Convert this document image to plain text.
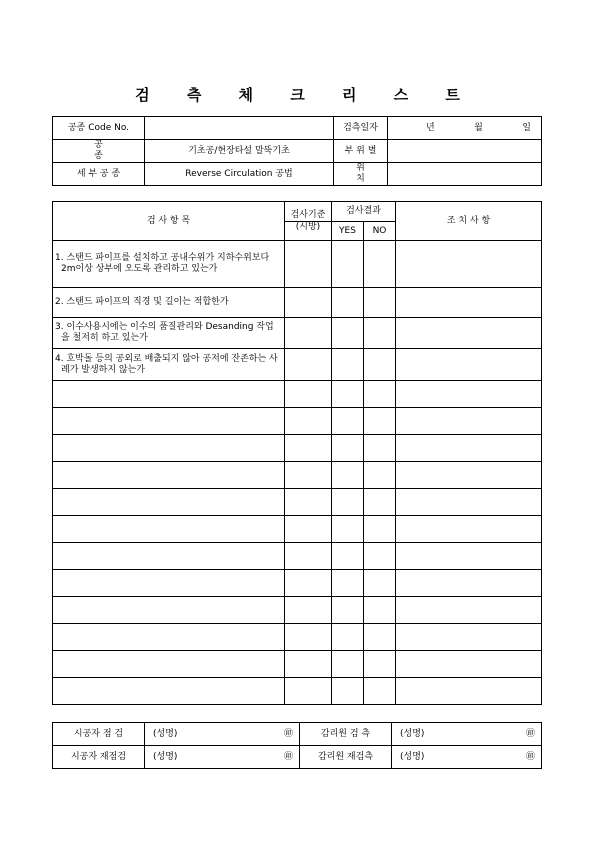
검 측 체 크 리 스 트
공종 Code No.		검측일자	년 월 일

공 종	기초공/현장타설 말뚝기초	부 위 별	
세 부 공 종	Reverse Circulation 공법	위 치	
검 사 항 목	검사기준	검사결과		조 치 사 항
	(시방)	YES	NO	
1. 스탠드 파이프를 설치하고 공내수위가 지하수위보다 2m이상 상부에 오도록 관리하고 있는가				
2. 스탠드 파이프의 직경 및 길이는 적합한가				
3. 이수사용시에는 이수의 품질관리와 Desanding 작업을 철저히 하고 있는가				
4. 호박돌 등의 공외로 배출되지 않아 공저에 잔존하는 사례가 발생하지 않는가				

시공자 점 검	(성명) ㊞	감리원 검 측	(성명) ㊞

시공자 재점검	(성명) ㊞	감리원 재검측	(성명) ㊞
